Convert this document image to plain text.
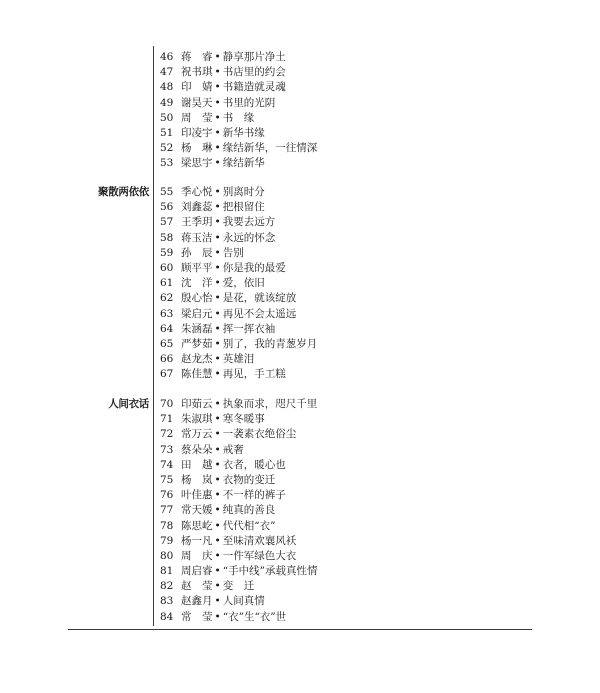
46 蒋　睿 • 静享那片净土
47 祝书琪 • 书店里的约会
48 印　婧 • 书籍造就灵魂
49 谢昊天 • 书里的光阴
50 周　莹 • 书　缘
51 印凌宇 • 新华书缘
52 杨　琳 • 缘结新华，一往情深
53 梁思宇 • 缘结新华
聚散两依依 55 季心悦 • 别离时分
56 刘鑫蕊 • 把根留住
57 王季玥 • 我要去远方
58 蒋玉洁 • 永远的怀念
59 孙　辰 • 告别
60 顾平平 • 你是我的最爱
61 沈　洋 • 爱，依旧
62 殷心怡 • 是花，就该绽放
63 梁启元 • 再见不会太遥远
64 朱涵磊 • 挥一挥衣袖
65 严梦茹 • 别了，我的青葱岁月
66 赵龙杰 • 英雄泪
67 陈佳慧 • 再见，手工糕
人间衣话 70 印茹云 • 执象而求，咫尺千里
71 朱淑琪 • 寒冬暖事
72 常万云 • 一袭素衣绝俗尘
73 蔡朵朵 • 戒奢
74 田　越 • 衣者，暖心也
75 杨　岚 • 衣物的变迁
76 叶佳惠 • 不一样的裤子
77 常天媛 • 纯真的善良
78 陈思屹 • 代代相“衣”
79 杨一凡 • 至味清欢襄风袄
80 周　庆 • 一件军绿色大衣
81 周启睿 • “手中线”承载真性情
82 赵　莹 • 变　迁
83 赵鑫月 • 人间真情
84 常　莹 • “衣”生“衣”世
